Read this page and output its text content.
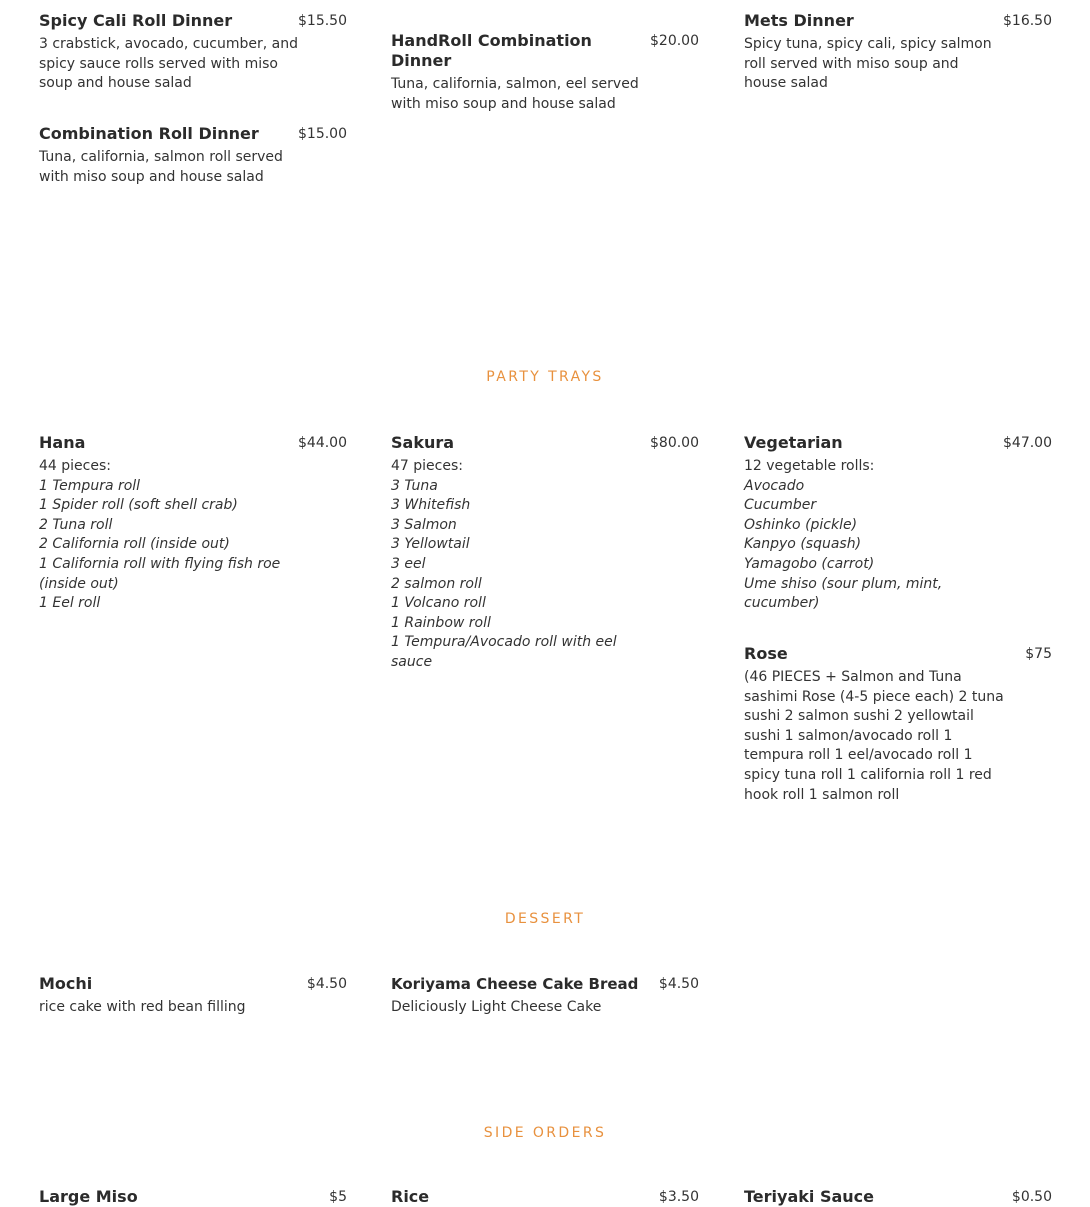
Spicy Cali Roll Dinner	$15.50
3 crabstick, avocado, cucumber, and spicy sauce rolls served with miso soup and house salad
Combination Roll Dinner	$15.00
Tuna, california, salmon roll served with miso soup and house salad
HandRoll Combination Dinner
$20.00
Tuna, california, salmon, eel served with miso soup and house salad
Mets Dinner	$16.50
Spicy tuna, spicy cali, spicy salmon roll served with miso soup and house salad
PARTY TRAYS
Hana	$44.00
44 pieces:
1 Tempura roll
1 Spider roll (soft shell crab)
2 Tuna roll
2 California roll (inside out)
1 California roll with flying fish roe (inside out)
1 Eel roll
Sakura	$80.00
47 pieces:
3 Tuna
3 Whitefish
3 Salmon
3 Yellowtail
3 eel
2 salmon roll
1 Volcano roll
1 Rainbow roll
1 Tempura/Avocado roll with eel sauce
Vegetarian	$47.00
12 vegetable rolls:
Avocado
Cucumber
Oshinko (pickle)
Kanpyo (squash)
Yamagobo (carrot)
Ume shiso (sour plum, mint, cucumber)
Rose	$75
(46 PIECES + Salmon and Tuna sashimi Rose (4-5 piece each) 2 tuna sushi 2 salmon sushi 2 yellowtail sushi 1 salmon/avocado roll 1 tempura roll 1 eel/avocado roll 1 spicy tuna roll 1 california roll 1 red hook roll 1 salmon roll
DESSERT
Mochi	$4.50
rice cake with red bean filling
Koriyama Cheese Cake Bread $4.50
Deliciously Light Cheese Cake
SIDE ORDERS
Large Miso	$5	Rice	$3.50	Teriyaki Sauce	$0.50
